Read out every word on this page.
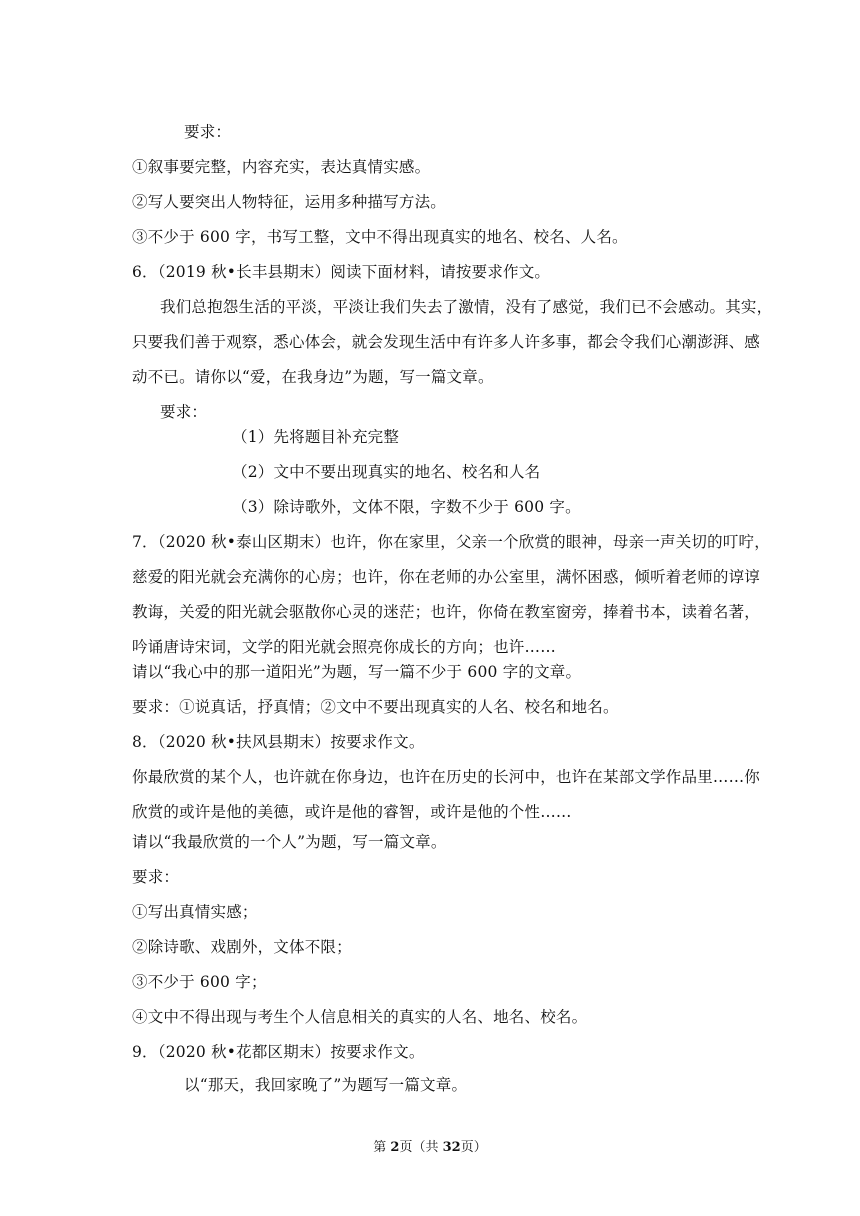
要求：
①叙事要完整，内容充实，表达真情实感。
②写人要突出人物特征，运用多种描写方法。
③不少于 600 字，书写工整，文中不得出现真实的地名、校名、人名。
6．（2019 秋•长丰县期末）阅读下面材料，请按要求作文。
我们总抱怨生活的平淡，平淡让我们失去了激情，没有了感觉，我们已不会感动。其实，
只要我们善于观察，悉心体会，就会发现生活中有许多人许多事，都会令我们心潮澎湃、感
动不已。请你以“爱，在我身边”为题，写一篇文章。
要求：
（1）先将题目补充完整
（2）文中不要出现真实的地名、校名和人名
（3）除诗歌外，文体不限，字数不少于 600 字。
7．（2020 秋•泰山区期末）也许，你在家里，父亲一个欣赏的眼神，母亲一声关切的叮咛，
慈爱的阳光就会充满你的心房；也许，你在老师的办公室里，满怀困惑，倾听着老师的谆谆
教诲，关爱的阳光就会驱散你心灵的迷茫；也许，你倚在教室窗旁，捧着书本，读着名著，
吟诵唐诗宋词，文学的阳光就会照亮你成长的方向；也许……
请以“我心中的那一道阳光”为题，写一篇不少于 600 字的文章。
要求：①说真话，抒真情；②文中不要出现真实的人名、校名和地名。
8．（2020 秋•扶风县期末）按要求作文。
你最欣赏的某个人，也许就在你身边，也许在历史的长河中，也许在某部文学作品里……你
欣赏的或许是他的美德，或许是他的睿智，或许是他的个性……
请以“我最欣赏的一个人”为题，写一篇文章。
要求：
①写出真情实感；
②除诗歌、戏剧外，文体不限；
③不少于 600 字；
④文中不得出现与考生个人信息相关的真实的人名、地名、校名。
9．（2020 秋•花都区期末）按要求作文。
以“那天，我回家晚了”为题写一篇文章。
第 2页（共 32页）
